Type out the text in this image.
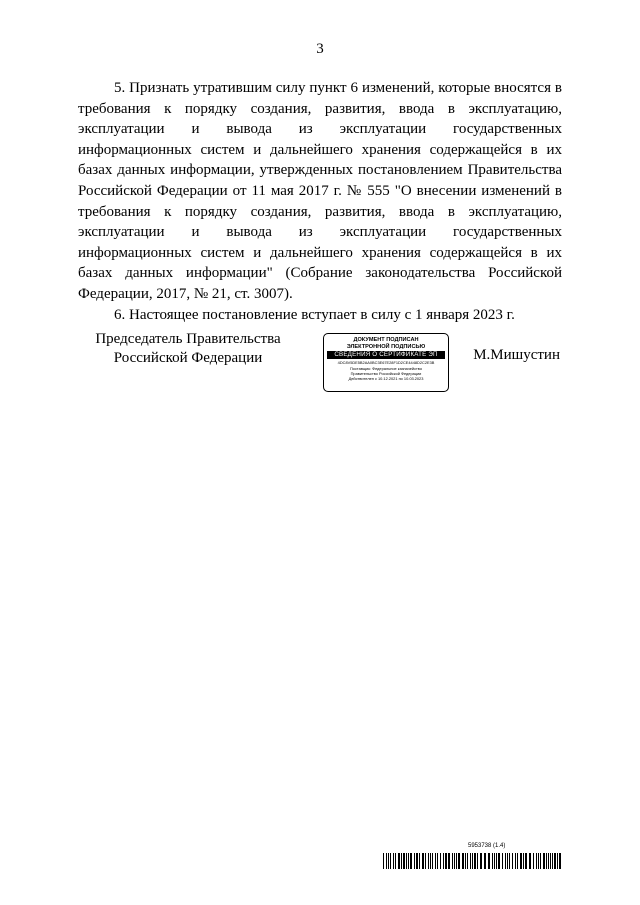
3

5. Признать утратившим силу пункт 6 изменений, которые вносятся в требования к порядку создания, развития, ввода в эксплуатацию, эксплуатации и вывода из эксплуатации государственных информационных систем и дальнейшего хранения содержащейся в их базах данных информации, утвержденных постановлением Правительства Российской Федерации от 11 мая 2017 г. № 555 "О внесении изменений в требования к порядку создания, развития, ввода в эксплуатацию, эксплуатации и вывода из эксплуатации государственных информационных систем и дальнейшего хранения содержащейся в их базах данных информации" (Собрание законодательства Российской Федерации, 2017, № 21, ст. 3007).

6. Настоящее постановление вступает в силу с 1 января 2023 г.

Председатель Правительства
Российской Федерации
ДОКУМЕНТ ПОДПИСАН
ЭЛЕКТРОННОЙ ПОДПИСЬЮ
СВЕДЕНИЯ О СЕРТИФИКАТЕ ЭП
4DC8V5DE5B2AA0BC3E67E28F1D2CE4448D2C2E3B
Поставщик: Федеральное казначейство
Правительство Российской Федерации
Действителен с 10.12.2021 по 10.03.2023
М.Мишустин
5953738 (1.4)
